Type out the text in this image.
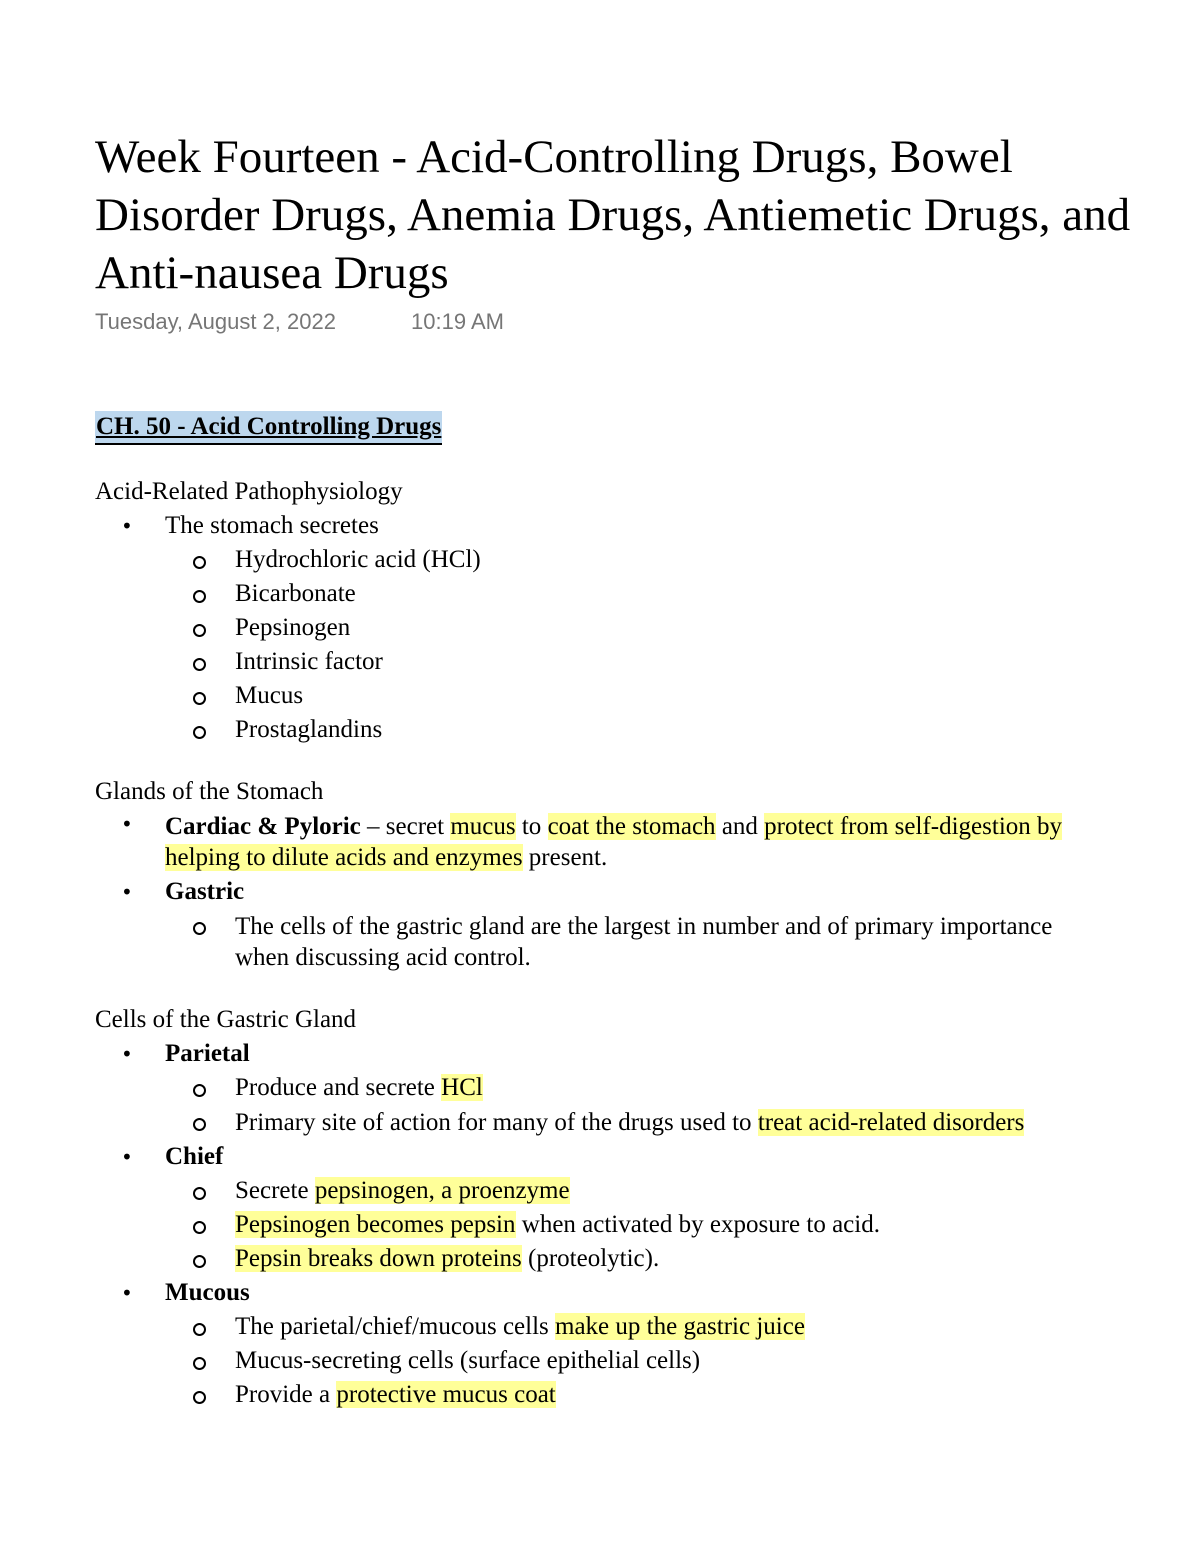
Week Fourteen - Acid-Controlling Drugs, Bowel Disorder Drugs, Anemia Drugs, Antiemetic Drugs, and Anti-nausea Drugs
Tuesday, August 2, 2022	10:19 AM
CH. 50 - Acid Controlling Drugs
Acid-Related Pathophysiology
• The stomach secretes
Hydrochloric acid (HCl)
Bicarbonate
Pepsinogen
Intrinsic factor
Mucus
Prostaglandins
Glands of the Stomach
• Cardiac & Pyloric – secret mucus to coat the stomach and protect from self-digestion by helping to dilute acids and enzymes present.
• Gastric
The cells of the gastric gland are the largest in number and of primary importance when discussing acid control.
Cells of the Gastric Gland
• Parietal
Produce and secrete HCl
Primary site of action for many of the drugs used to treat acid-related disorders
• Chief
Secrete pepsinogen, a proenzyme
Pepsinogen becomes pepsin when activated by exposure to acid.
Pepsin breaks down proteins (proteolytic).
• Mucous
The parietal/chief/mucous cells make up the gastric juice
Mucus-secreting cells (surface epithelial cells)
Provide a protective mucus coat
